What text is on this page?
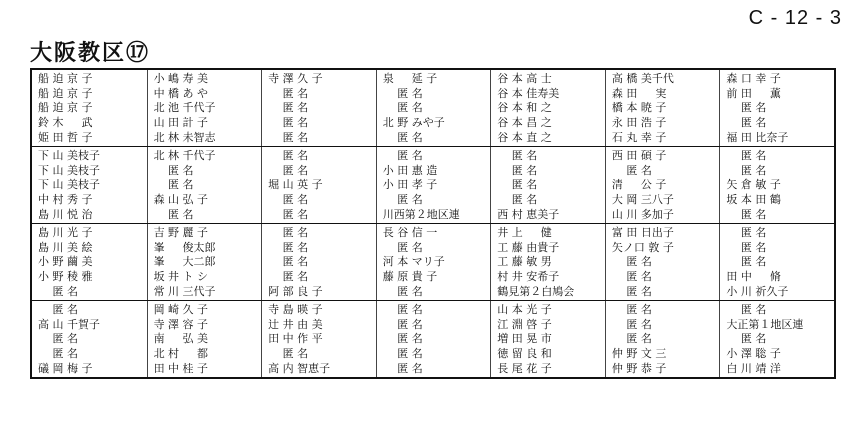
C - 12 - 3
大阪教区⑰
船 迫 京 子
船 迫 京 子
船 迫 京 子
鈴 木 　 武
姫 田 哲 子
小 嶋 寿 美
中 橋 あ や
北 池 千代子
山 田 計 子
北 林 未智志
寺 澤 久 子
　 匿 名
　 匿 名
　 匿 名
　 匿 名
泉 　 延 子
　 匿 名
　 匿 名
北 野 みや子
　 匿 名
谷 本 高 士
谷 本 佳寿美
谷 本 和 之
谷 本 昌 之
谷 本 直 之
高 橋 美千代
森 田 　 実
橋 本 暁 子
永 田 浩 子
石 丸 幸 子
森 口 幸 子
前 田 　 薫
　 匿 名
　 匿 名
福 田 比奈子
下 山 美枝子
下 山 美枝子
下 山 美枝子
中 村 秀 子
島 川 悦 治
北 林 千代子
　 匿 名
　 匿 名
森 山 弘 子
　 匿 名
　 匿 名
　 匿 名
堀 山 英 子
　 匿 名
　 匿 名
　 匿 名
小 田 惠 造
小 田 孝 子
　 匿 名
川西第２地区連
　 匿 名
　 匿 名
　 匿 名
　 匿 名
西 村 恵美子
西 田 碩 子
　 匿 名
清 　 公 子
大 岡 三八子
山 川 多加子
　 匿 名
　 匿 名
矢 倉 敏 子
坂 本 田 鶴
　 匿 名
島 川 光 子
島 川 美 絵
小 野 繭 美
小 野 稜 雅
　 匿 名
吉 野 麗 子
峯 　 俊太郎
峯 　 大二郎
坂 井 ト シ
常 川 三代子
　 匿 名
　 匿 名
　 匿 名
　 匿 名
阿 部 良 子
長 谷 信 一
　 匿 名
河 本 マリ子
藤 原 貴 子
　 匿 名
井 上 　 健
工 藤 由貴子
工 藤 敏 男
村 井 安希子
鶴見第２白鳩会
富 田 日出子
矢ノ口 敦 子
　 匿 名
　 匿 名
　 匿 名
　 匿 名
　 匿 名
　 匿 名
田 中 　 脩
小 川 祈久子
　 匿 名
高 山 千賀子
　 匿 名
　 匿 名
礒 岡 梅 子
岡 崎 久 子
寺 澤 容 子
南 　 弘 美
北 村 　 都
田 中 桂 子
寺 島 暎 子
辻 井 由 美
田 中 作 平
　 匿 名
高 内 智恵子
　 匿 名
　 匿 名
　 匿 名
　 匿 名
　 匿 名
山 本 光 子
江 淵 啓 子
増 田 晃 市
徳 留 良 和
長 尾 花 子
　 匿 名
　 匿 名
　 匿 名
仲 野 文 三
仲 野 恭 子
　 匿 名
大正第１地区連
　 匿 名
小 澤 聡 子
白 川 靖 洋
